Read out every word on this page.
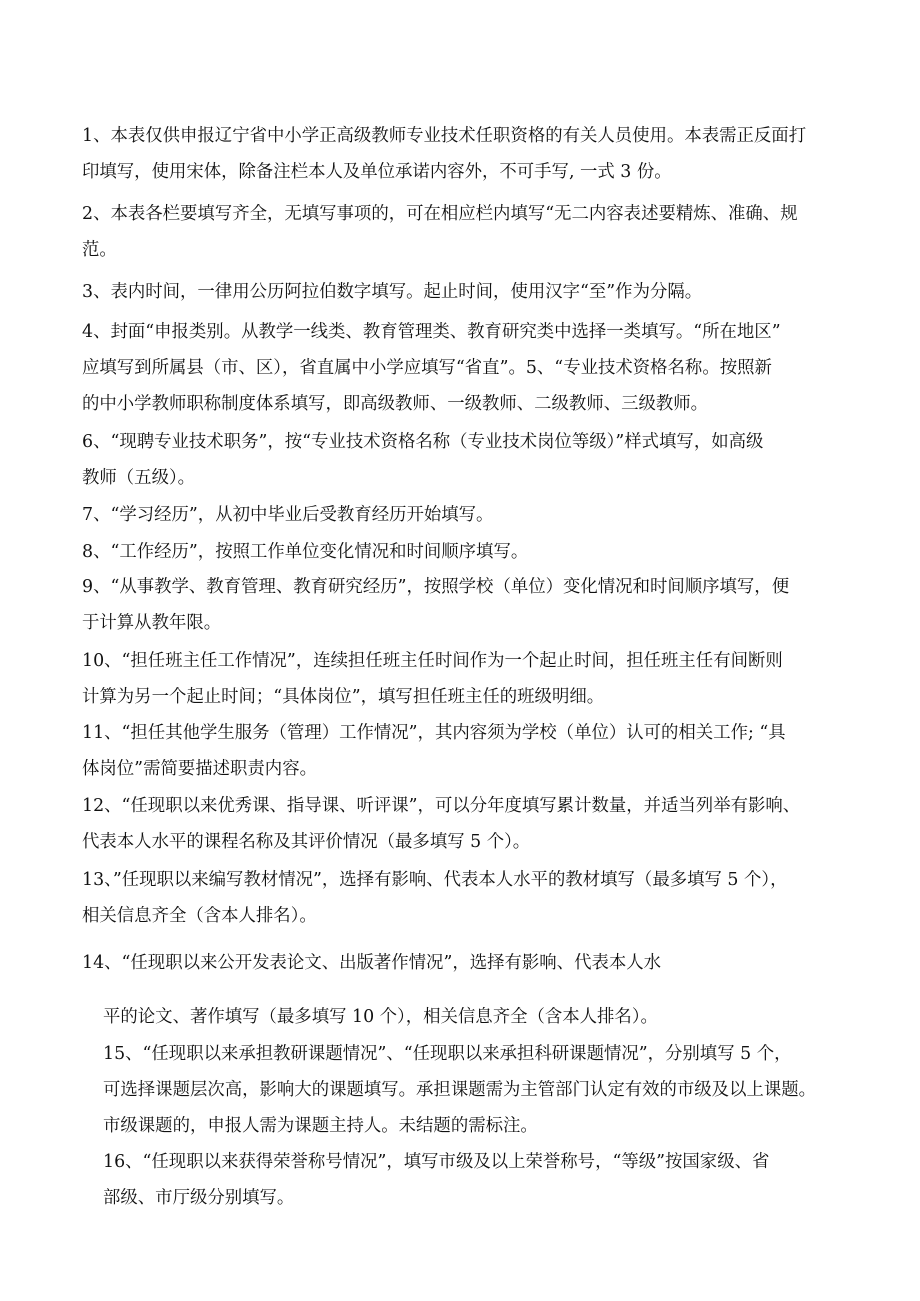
1、本表仅供申报辽宁省中小学正高级教师专业技术任职资格的有关人员使用。本表需正反面打
印填写，使用宋体，除备注栏本人及单位承诺内容外，不可手写, 一式 3 份。
2、本表各栏要填写齐全，无填写事项的，可在相应栏内填写“无二内容表述要精炼、准确、规
范。
3、表内时间，一律用公历阿拉伯数字填写。起止时间，使用汉字“至”作为分隔。
4、封面“申报类别。从教学一线类、教育管理类、教育研究类中选择一类填写。“所在地区”
应填写到所属县（市、区），省直属中小学应填写“省直”。5、“专业技术资格名称。按照新
的中小学教师职称制度体系填写，即高级教师、一级教师、二级教师、三级教师。
6、“现聘专业技术职务”，按“专业技术资格名称（专业技术岗位等级）”样式填写，如高级
教师（五级）。
7、“学习经历”，从初中毕业后受教育经历开始填写。
8、“工作经历”，按照工作单位变化情况和时间顺序填写。
9、“从事教学、教育管理、教育研究经历”，按照学校（单位）变化情况和时间顺序填写，便
于计算从教年限。
10、“担任班主任工作情况”，连续担任班主任时间作为一个起止时间，担任班主任有间断则
计算为另一个起止时间；“具体岗位”，填写担任班主任的班级明细。
11、“担任其他学生服务（管理）工作情况”，其内容须为学校（单位）认可的相关工作; “具
体岗位”需简要描述职责内容。
12、“任现职以来优秀课、指导课、听评课”，可以分年度填写累计数量，并适当列举有影响、
代表本人水平的课程名称及其评价情况（最多填写 5 个）。
13、”任现职以来编写教材情况”，选择有影响、代表本人水平的教材填写（最多填写 5 个），
相关信息齐全（含本人排名）。
14、“任现职以来公开发表论文、出版著作情况”，选择有影响、代表本人水
平的论文、著作填写（最多填写 10 个），相关信息齐全（含本人排名）。
15、“任现职以来承担教研课题情况”、“任现职以来承担科研课题情况”，分别填写 5 个，
可选择课题层次高，影响大的课题填写。承担课题需为主管部门认定有效的市级及以上课题。
市级课题的，申报人需为课题主持人。未结题的需标注。
16、“任现职以来获得荣誉称号情况”，填写市级及以上荣誉称号，“等级”按国家级、省
部级、市厅级分别填写。
